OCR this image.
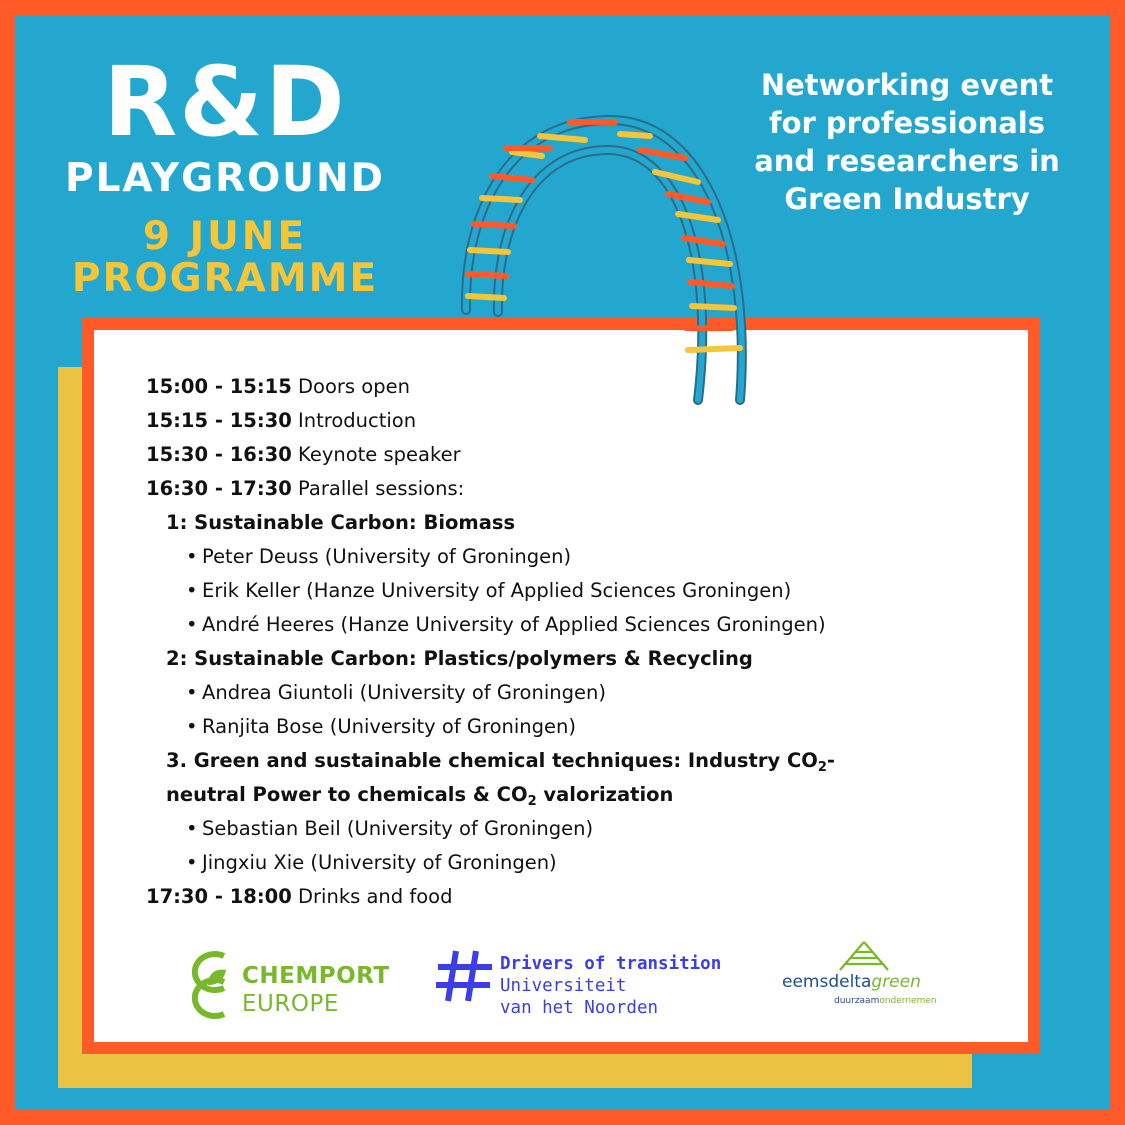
R&D
PLAYGROUND
9 JUNE
PROGRAMME
Networking event
for professionals
and researchers in
Green Industry
15:00 - 15:15 Doors open
15:15 - 15:30 Introduction
15:30 - 16:30 Keynote speaker
16:30 - 17:30 Parallel sessions:
1: Sustainable Carbon: Biomass
• Peter Deuss (University of Groningen)
• Erik Keller (Hanze University of Applied Sciences Groningen)
• André Heeres (Hanze University of Applied Sciences Groningen)
2: Sustainable Carbon: Plastics/polymers & Recycling
• Andrea Giuntoli (University of Groningen)
• Ranjita Bose (University of Groningen)
3. Green and sustainable chemical techniques: Industry $CO_2-$
neutral Power to chemicals & $CO_2$ valorization
• Sebastian Beil (University of Groningen)
• Jingxiu Xie (University of Groningen)
17:30 - 18:00 Drinks and food
CHEMPORT
EUROPE
Drivers of transition
Universiteit
van het Noorden
eemsdeltagreen
duurzaamondernemen
